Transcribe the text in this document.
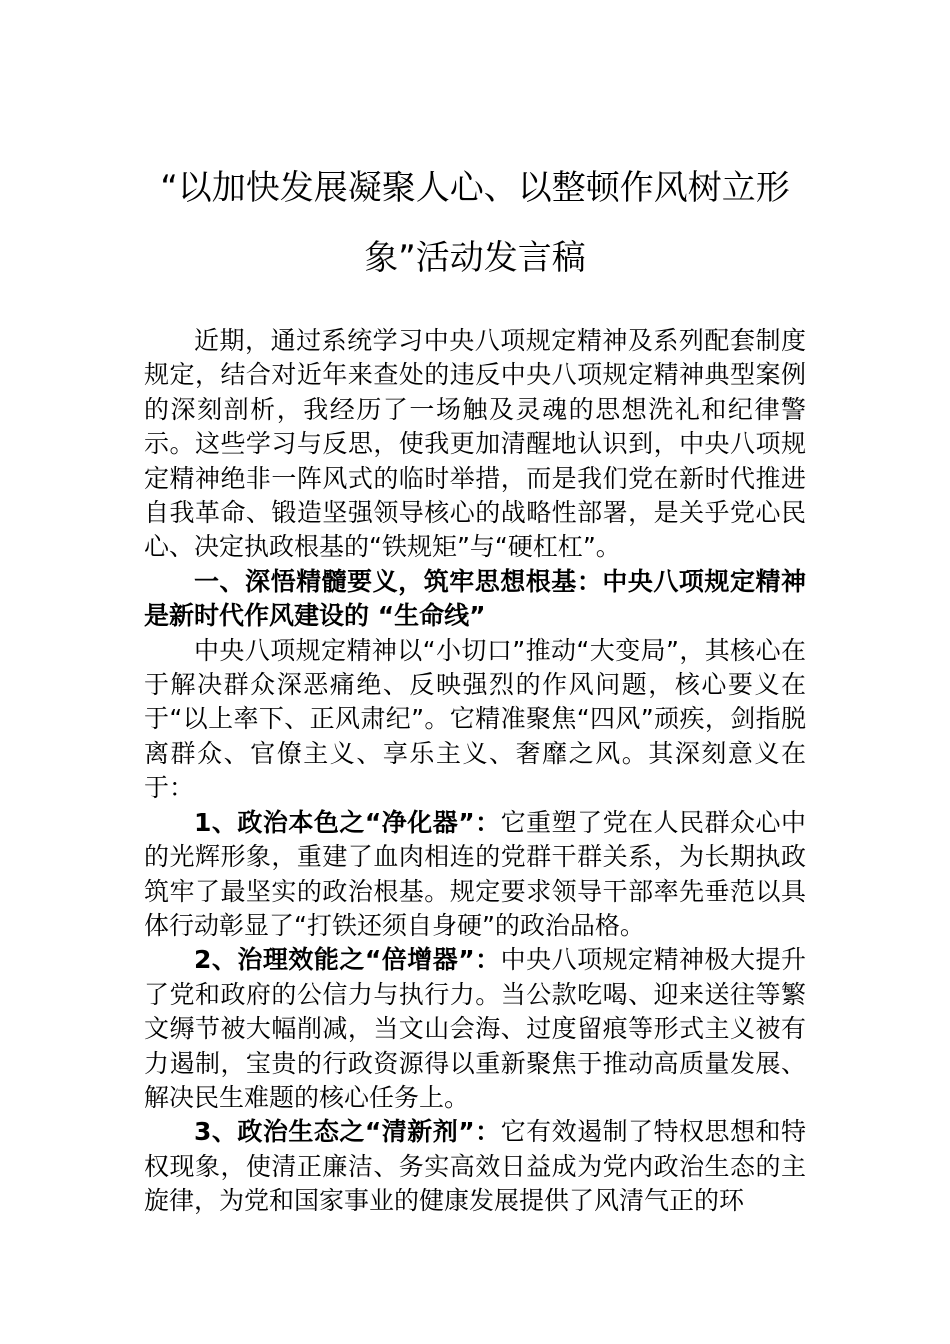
“以加快发展凝聚人心、以整顿作风树立形
象”活动发言稿

近期，通过系统学习中央八项规定精神及系列配套制度规定，结合对近年来查处的违反中央八项规定精神典型案例的深刻剖析，我经历了一场触及灵魂的思想洗礼和纪律警示。这些学习与反思，使我更加清醒地认识到，中央八项规定精神绝非一阵风式的临时举措，而是我们党在新时代推进自我革命、锻造坚强领导核心的战略性部署，是关乎党心民心、决定执政根基的“铁规矩”与“硬杠杠”。

一、深悟精髓要义，筑牢思想根基：中央八项规定精神是新时代作风建设的 “生命线”

中央八项规定精神以“小切口”推动“大变局”，其核心在于解决群众深恶痛绝、反映强烈的作风问题，核心要义在于“以上率下、正风肃纪”。它精准聚焦“四风”顽疾，剑指脱离群众、官僚主义、享乐主义、奢靡之风。其深刻意义在于：

1、政治本色之“净化器”：它重塑了党在人民群众心中的光辉形象，重建了血肉相连的党群干群关系，为长期执政筑牢了最坚实的政治根基。规定要求领导干部率先垂范以具体行动彰显了“打铁还须自身硬”的政治品格。

2、治理效能之“倍增器”：中央八项规定精神极大提升了党和政府的公信力与执行力。当公款吃喝、迎来送往等繁文缛节被大幅削减，当文山会海、过度留痕等形式主义被有力遏制，宝贵的行政资源得以重新聚焦于推动高质量发展、解决民生难题的核心任务上。

3、政治生态之“清新剂”：它有效遏制了特权思想和特权现象，使清正廉洁、务实高效日益成为党内政治生态的主旋律，为党和国家事业的健康发展提供了风清气正的环
